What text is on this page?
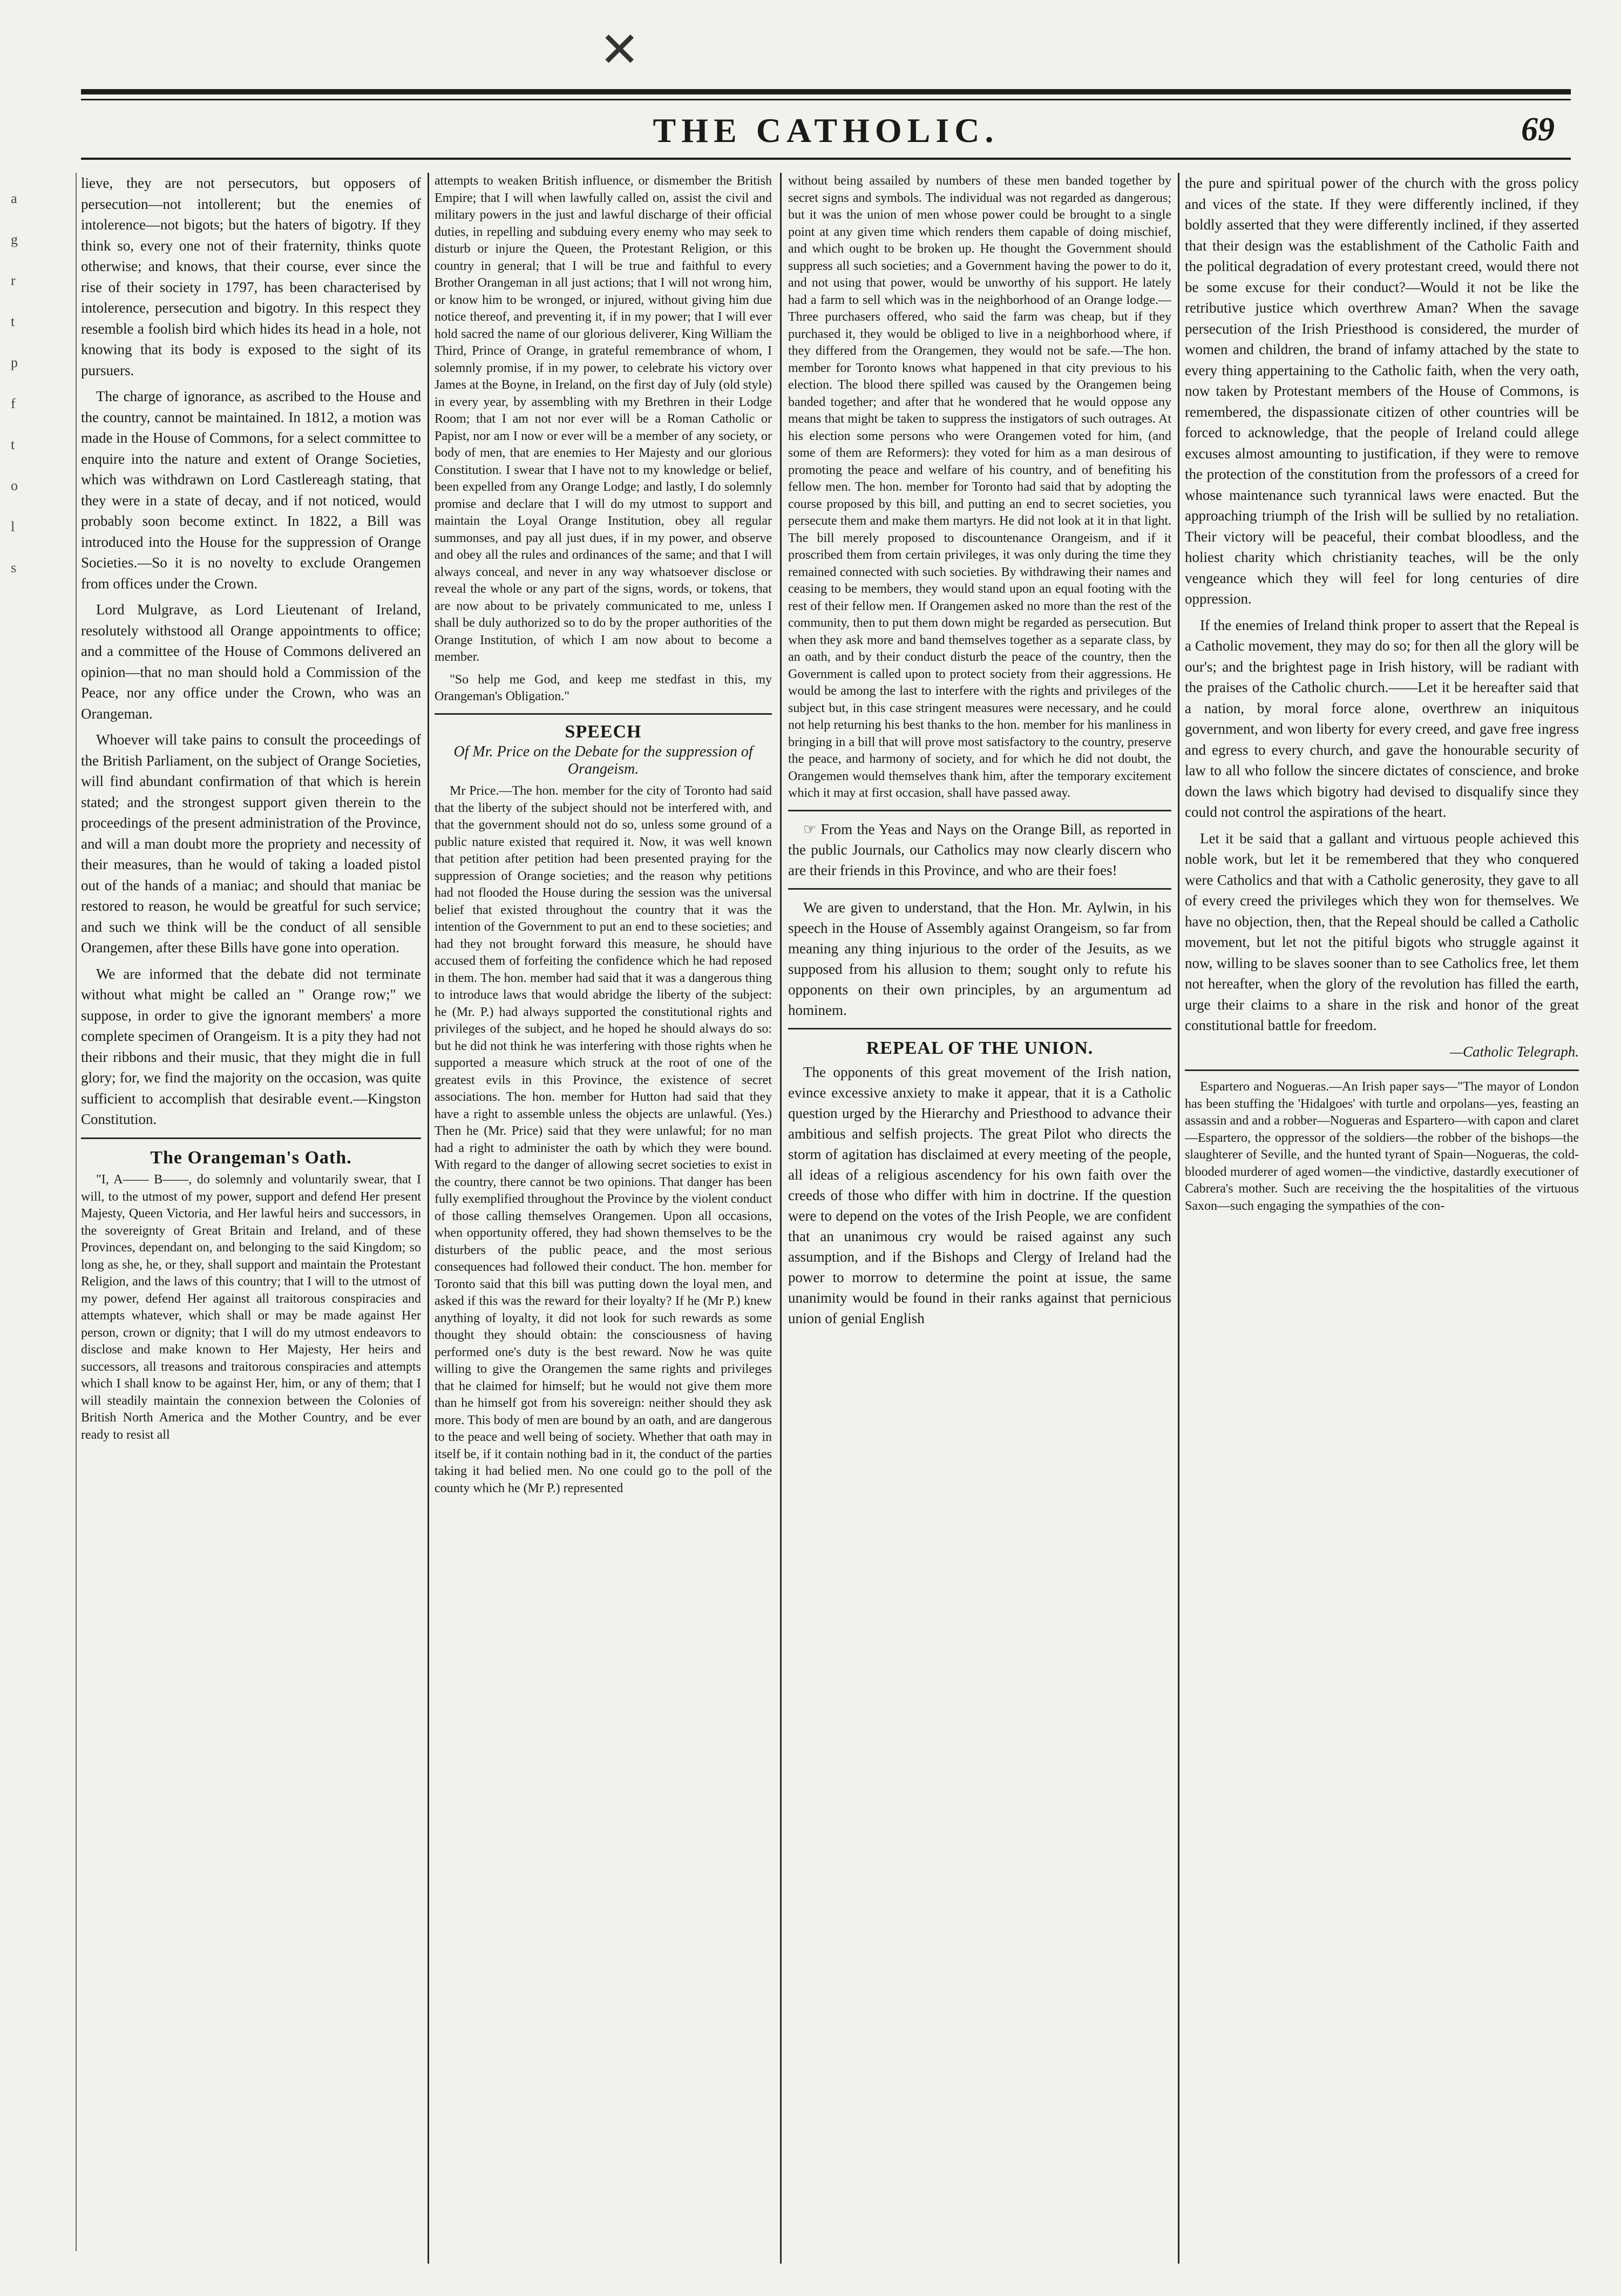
✕
THE CATHOLIC.	69
a
g
r
t
p
f
t
o
l
s

lieve, they are not persecutors, but opposers of persecution—not intollerent; but the enemies of intolerence—not bigots; but the haters of bigotry. If they think so, every one not of their fraternity, thinks quote otherwise; and knows, that their course, ever since the rise of their society in 1797, has been characterised by intolerence, persecution and bigotry. In this respect they resemble a foolish bird which hides its head in a hole, not knowing that its body is exposed to the sight of its pursuers.

The charge of ignorance, as ascribed to the House and the country, cannot be maintained. In 1812, a motion was made in the House of Commons, for a select committee to enquire into the nature and extent of Orange Societies, which was withdrawn on Lord Castlereagh stating, that they were in a state of decay, and if not noticed, would probably soon become extinct. In 1822, a Bill was introduced into the House for the suppression of Orange Societies.—So it is no novelty to exclude Orangemen from offices under the Crown.

Lord Mulgrave, as Lord Lieutenant of Ireland, resolutely withstood all Orange appointments to office; and a committee of the House of Commons delivered an opinion—that no man should hold a Commission of the Peace, nor any office under the Crown, who was an Orangeman.

Whoever will take pains to consult the proceedings of the British Parliament, on the subject of Orange Societies, will find abundant confirmation of that which is herein stated; and the strongest support given therein to the proceedings of the present administration of the Province, and will a man doubt more the propriety and necessity of their measures, than he would of taking a loaded pistol out of the hands of a maniac; and should that maniac be restored to reason, he would be greatful for such service; and such we think will be the conduct of all sensible Orangemen, after these Bills have gone into operation.

We are informed that the debate did not terminate without what might be called an " Orange row;" we suppose, in order to give the ignorant members' a more complete specimen of Orangeism. It is a pity they had not their ribbons and their music, that they might die in full glory; for, we find the majority on the occasion, was quite sufficient to accomplish that desirable event.—Kingston Constitution.

The Orangeman's Oath.

"I, A—— B——, do solemnly and voluntarily swear, that I will, to the utmost of my power, support and defend Her present Majesty, Queen Victoria, and Her lawful heirs and successors, in the sovereignty of Great Britain and Ireland, and of these Provinces, dependant on, and belonging to the said Kingdom; so long as she, he, or they, shall support and maintain the Protestant Religion, and the laws of this country; that I will to the utmost of my power, defend Her against all traitorous conspiracies and attempts whatever, which shall or may be made against Her person, crown or dignity; that I will do my utmost endeavors to disclose and make known to Her Majesty, Her heirs and successors, all treasons and traitorous conspiracies and attempts which I shall know to be against Her, him, or any of them; that I will steadily maintain the connexion between the Colonies of British North America and the Mother Country, and be ever ready to resist all

attempts to weaken British influence, or dismember the British Empire; that I will when lawfully called on, assist the civil and military powers in the just and lawful discharge of their official duties, in repelling and subduing every enemy who may seek to disturb or injure the Queen, the Protestant Religion, or this country in general; that I will be true and faithful to every Brother Orangeman in all just actions; that I will not wrong him, or know him to be wronged, or injured, without giving him due notice thereof, and preventing it, if in my power; that I will ever hold sacred the name of our glorious deliverer, King William the Third, Prince of Orange, in grateful remembrance of whom, I solemnly promise, if in my power, to celebrate his victory over James at the Boyne, in Ireland, on the first day of July (old style) in every year, by assembling with my Brethren in their Lodge Room; that I am not nor ever will be a Roman Catholic or Papist, nor am I now or ever will be a member of any society, or body of men, that are enemies to Her Majesty and our glorious Constitution. I swear that I have not to my knowledge or belief, been expelled from any Orange Lodge; and lastly, I do solemnly promise and declare that I will do my utmost to support and maintain the Loyal Orange Institution, obey all regular summonses, and pay all just dues, if in my power, and observe and obey all the rules and ordinances of the same; and that I will always conceal, and never in any way whatsoever disclose or reveal the whole or any part of the signs, words, or tokens, that are now about to be privately communicated to me, unless I shall be duly authorized so to do by the proper authorities of the Orange Institution, of which I am now about to become a member.

"So help me God, and keep me stedfast in this, my Orangeman's Obligation."

SPEECH
Of Mr. Price on the Debate for the suppression of Orangeism.

Mr Price.—The hon. member for the city of Toronto had said that the liberty of the subject should not be interfered with, and that the government should not do so, unless some ground of a public nature existed that required it. Now, it was well known that petition after petition had been presented praying for the suppression of Orange societies; and the reason why petitions had not flooded the House during the session was the universal belief that existed throughout the country that it was the intention of the Government to put an end to these societies; and had they not brought forward this measure, he should have accused them of forfeiting the confidence which he had reposed in them. The hon. member had said that it was a dangerous thing to introduce laws that would abridge the liberty of the subject: he (Mr. P.) had always supported the constitutional rights and privileges of the subject, and he hoped he should always do so: but he did not think he was interfering with those rights when he supported a measure which struck at the root of one of the greatest evils in this Province, the existence of secret associations. The hon. member for Hutton had said that they have a right to assemble unless the objects are unlawful. (Yes.) Then he (Mr. Price) said that they were unlawful; for no man had a right to administer the oath by which they were bound. With regard to the danger of allowing secret societies to exist in the country, there cannot be two opinions. That danger has been fully exemplified throughout the Province by the violent conduct of those calling themselves Orangemen. Upon all occasions, when opportunity offered, they had shown themselves to be the disturbers of the public peace, and the most serious consequences had followed their conduct. The hon. member for Toronto said that this bill was putting down the loyal men, and asked if this was the reward for their loyalty? If he (Mr P.) knew anything of loyalty, it did not look for such rewards as some thought they should obtain: the consciousness of having performed one's duty is the best reward. Now he was quite willing to give the Orangemen the same rights and privileges that he claimed for himself; but he would not give them more than he himself got from his sovereign: neither should they ask more. This body of men are bound by an oath, and are dangerous to the peace and well being of society. Whether that oath may in itself be, if it contain nothing bad in it, the conduct of the parties taking it had belied men. No one could go to the poll of the county which he (Mr P.) represented

without being assailed by numbers of these men banded together by secret signs and symbols. The individual was not regarded as dangerous; but it was the union of men whose power could be brought to a single point at any given time which renders them capable of doing mischief, and which ought to be broken up. He thought the Government should suppress all such societies; and a Government having the power to do it, and not using that power, would be unworthy of his support. He lately had a farm to sell which was in the neighborhood of an Orange lodge.—Three purchasers offered, who said the farm was cheap, but if they purchased it, they would be obliged to live in a neighborhood where, if they differed from the Orangemen, they would not be safe.—The hon. member for Toronto knows what happened in that city previous to his election. The blood there spilled was caused by the Orangemen being banded together; and after that he wondered that he would oppose any means that might be taken to suppress the instigators of such outrages. At his election some persons who were Orangemen voted for him, (and some of them are Reformers): they voted for him as a man desirous of promoting the peace and welfare of his country, and of benefiting his fellow men. The hon. member for Toronto had said that by adopting the course proposed by this bill, and putting an end to secret societies, you persecute them and make them martyrs. He did not look at it in that light. The bill merely proposed to discountenance Orangeism, and if it proscribed them from certain privileges, it was only during the time they remained connected with such societies. By withdrawing their names and ceasing to be members, they would stand upon an equal footing with the rest of their fellow men. If Orangemen asked no more than the rest of the community, then to put them down might be regarded as persecution. But when they ask more and band themselves together as a separate class, by an oath, and by their conduct disturb the peace of the country, then the Government is called upon to protect society from their aggressions. He would be among the last to interfere with the rights and privileges of the subject but, in this case stringent measures were necessary, and he could not help returning his best thanks to the hon. member for his manliness in bringing in a bill that will prove most satisfactory to the country, preserve the peace, and harmony of society, and for which he did not doubt, the Orangemen would themselves thank him, after the temporary excitement which it may at first occasion, shall have passed away.

☞ From the Yeas and Nays on the Orange Bill, as reported in the public Journals, our Catholics may now clearly discern who are their friends in this Province, and who are their foes!

We are given to understand, that the Hon. Mr. Aylwin, in his speech in the House of Assembly against Orangeism, so far from meaning any thing injurious to the order of the Jesuits, as we supposed from his allusion to them; sought only to refute his opponents on their own principles, by an argumentum ad hominem.

REPEAL OF THE UNION.

The opponents of this great movement of the Irish nation, evince excessive anxiety to make it appear, that it is a Catholic question urged by the Hierarchy and Priesthood to advance their ambitious and selfish projects. The great Pilot who directs the storm of agitation has disclaimed at every meeting of the people, all ideas of a religious ascendency for his own faith over the creeds of those who differ with him in doctrine. If the question were to depend on the votes of the Irish People, we are confident that an unanimous cry would be raised against any such assumption, and if the Bishops and Clergy of Ireland had the power to morrow to determine the point at issue, the same unanimity would be found in their ranks against that pernicious union of genial English

the pure and spiritual power of the church with the gross policy and vices of the state. If they were differently inclined, if they boldly asserted that they were differently inclined, if they asserted that their design was the establishment of the Catholic Faith and the political degradation of every protestant creed, would there not be some excuse for their conduct?—Would it not be like the retributive justice which overthrew Aman? When the savage persecution of the Irish Priesthood is considered, the murder of women and children, the brand of infamy attached by the state to every thing appertaining to the Catholic faith, when the very oath, now taken by Protestant members of the House of Commons, is remembered, the dispassionate citizen of other countries will be forced to acknowledge, that the people of Ireland could allege excuses almost amounting to justification, if they were to remove the protection of the constitution from the professors of a creed for whose maintenance such tyrannical laws were enacted. But the approaching triumph of the Irish will be sullied by no retaliation. Their victory will be peaceful, their combat bloodless, and the holiest charity which christianity teaches, will be the only vengeance which they will feel for long centuries of dire oppression.

If the enemies of Ireland think proper to assert that the Repeal is a Catholic movement, they may do so; for then all the glory will be our's; and the brightest page in Irish history, will be radiant with the praises of the Catholic church.——Let it be hereafter said that a nation, by moral force alone, overthrew an iniquitous government, and won liberty for every creed, and gave free ingress and egress to every church, and gave the honourable security of law to all who follow the sincere dictates of conscience, and broke down the laws which bigotry had devised to disqualify since they could not control the aspirations of the heart.

Let it be said that a gallant and virtuous people achieved this noble work, but let it be remembered that they who conquered were Catholics and that with a Catholic generosity, they gave to all of every creed the privileges which they won for themselves. We have no objection, then, that the Repeal should be called a Catholic movement, but let not the pitiful bigots who struggle against it now, willing to be slaves sooner than to see Catholics free, let them not hereafter, when the glory of the revolution has filled the earth, urge their claims to a share in the risk and honor of the great constitutional battle for freedom.

—Catholic Telegraph.

Espartero and Nogueras.—An Irish paper says—"The mayor of London has been stuffing the 'Hidalgoes' with turtle and orpolans—yes, feasting an assassin and and a robber—Nogueras and Espartero—with capon and claret—Espartero, the oppressor of the soldiers—the robber of the bishops—the slaughterer of Seville, and the hunted tyrant of Spain—Nogueras, the cold-blooded murderer of aged women—the vindictive, dastardly executioner of Cabrera's mother. Such are receiving the the hospitalities of the virtuous Saxon—such engaging the sympathies of the con-
